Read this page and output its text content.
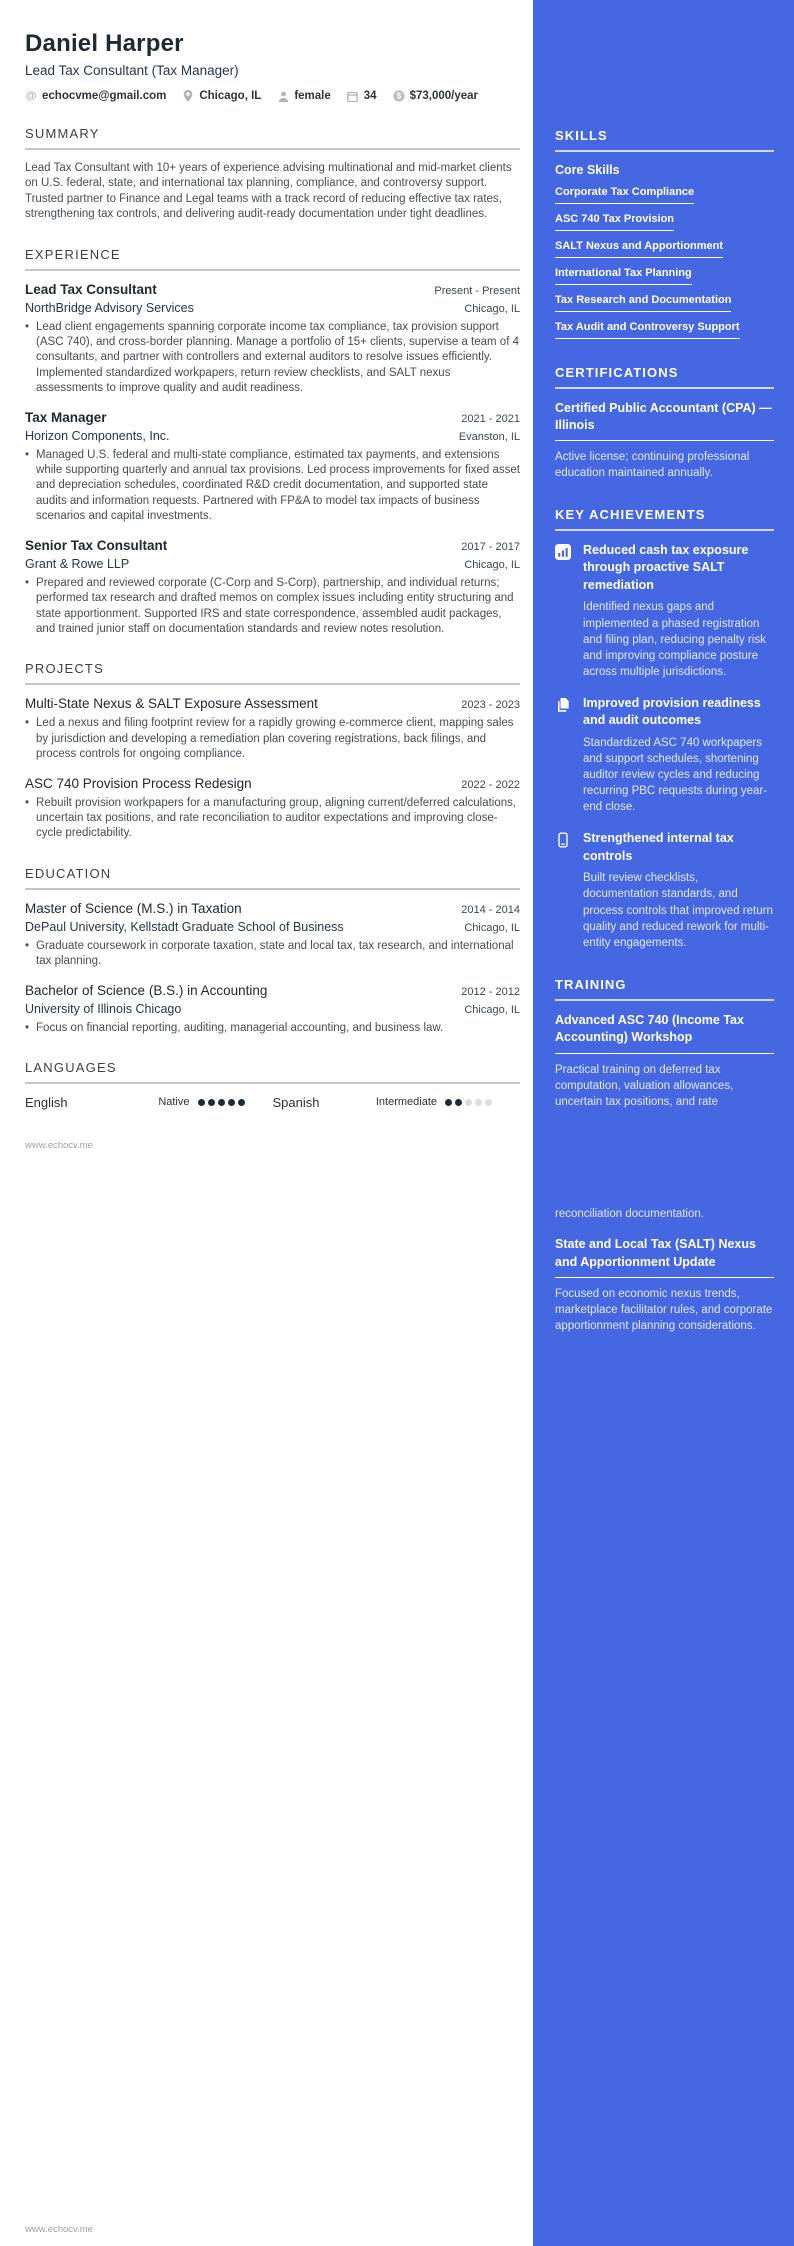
Daniel Harper
Lead Tax Consultant (Tax Manager)
@ echocvme@gmail.com	Chicago, IL	female	34 $ $73,000/year
SUMMARY
Lead Tax Consultant with 10+ years of experience advising multinational and mid-market clients on U.S. federal, state, and international tax planning, compliance, and controversy support. Trusted partner to Finance and Legal teams with a track record of reducing effective tax rates, strengthening tax controls, and delivering audit-ready documentation under tight deadlines.
EXPERIENCE
Lead Tax Consultant	Present - Present
NorthBridge Advisory Services	Chicago, IL
• Lead client engagements spanning corporate income tax compliance, tax provision support (ASC 740), and cross-border planning. Manage a portfolio of 15+ clients, supervise a team of 4 consultants, and partner with controllers and external auditors to resolve issues efficiently. Implemented standardized workpapers, return review checklists, and SALT nexus assessments to improve quality and audit readiness.
Tax Manager	2021 - 2021
Horizon Components, Inc.	Evanston, IL
• Managed U.S. federal and multi-state compliance, estimated tax payments, and extensions while supporting quarterly and annual tax provisions. Led process improvements for fixed asset and depreciation schedules, coordinated R&D credit documentation, and supported state audits and information requests. Partnered with FP&A to model tax impacts of business scenarios and capital investments.
Senior Tax Consultant	2017 - 2017
Grant & Rowe LLP	Chicago, IL
• Prepared and reviewed corporate (C-Corp and S-Corp), partnership, and individual returns; performed tax research and drafted memos on complex issues including entity structuring and state apportionment. Supported IRS and state correspondence, assembled audit packages, and trained junior staff on documentation standards and review notes resolution.
PROJECTS
Multi-State Nexus & SALT Exposure Assessment	2023 - 2023
• Led a nexus and filing footprint review for a rapidly growing e-commerce client, mapping sales by jurisdiction and developing a remediation plan covering registrations, back filings, and process controls for ongoing compliance.
ASC 740 Provision Process Redesign	2022 - 2022
• Rebuilt provision workpapers for a manufacturing group, aligning current/deferred calculations, uncertain tax positions, and rate reconciliation to auditor expectations and improving close-cycle predictability.
EDUCATION
Master of Science (M.S.) in Taxation	2014 - 2014
DePaul University, Kellstadt Graduate School of Business	Chicago, IL
• Graduate coursework in corporate taxation, state and local tax, tax research, and international tax planning.
Bachelor of Science (B.S.) in Accounting	2012 - 2012
University of Illinois Chicago	Chicago, IL
• Focus on financial reporting, auditing, managerial accounting, and business law.
LANGUAGES
English	Native	Spanish	Intermediate
SKILLS
Core Skills
Corporate Tax Compliance
ASC 740 Tax Provision
SALT Nexus and Apportionment
International Tax Planning
Tax Research and Documentation
Tax Audit and Controversy Support
CERTIFICATIONS
Certified Public Accountant (CPA) — Illinois
Active license; continuing professional education maintained annually.
KEY ACHIEVEMENTS
Reduced cash tax exposure through proactive SALT remediation
Identified nexus gaps and implemented a phased registration and filing plan, reducing penalty risk and improving compliance posture across multiple jurisdictions.
Improved provision readiness and audit outcomes
Standardized ASC 740 workpapers and support schedules, shortening auditor review cycles and reducing recurring PBC requests during year-end close.
Strengthened internal tax controls
Built review checklists, documentation standards, and process controls that improved return quality and reduced rework for multi-entity engagements.
TRAINING
Advanced ASC 740 (Income Tax Accounting) Workshop
Practical training on deferred tax computation, valuation allowances, uncertain tax positions, and rate
reconciliation documentation.
State and Local Tax (SALT) Nexus and Apportionment Update
Focused on economic nexus trends, marketplace facilitator rules, and corporate apportionment planning considerations.
www.echocv.me
www.echocv.me
